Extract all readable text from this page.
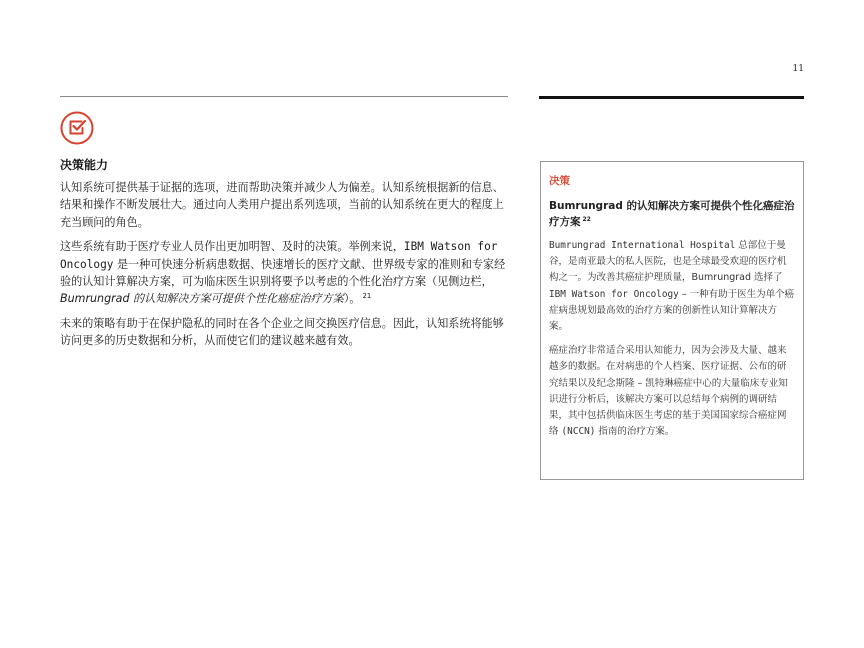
11
决策能力

认知系统可提供基于证据的选项，进而帮助决策并减少人为偏差。认知系统根据新的信息、结果和操作不断发展壮大。通过向人类用户提出系列选项，当前的认知系统在更大的程度上充当顾问的角色。

这些系统有助于医疗专业人员作出更加明智、及时的决策。举例来说，IBM Watson for Oncology 是一种可快速分析病患数据、快速增长的医疗文献、世界级专家的准则和专家经验的认知计算解决方案，可为临床医生识别将要予以考虑的个性化治疗方案（见侧边栏，Bumrungrad 的认知解决方案可提供个性化癌症治疗方案）。 $^{21}$

未来的策略有助于在保护隐私的同时在各个企业之间交换医疗信息。因此，认知系统将能够访问更多的历史数据和分析，从而使它们的建议越来越有效。

决策
Bumrungrad 的认知解决方案可提供个性化癌症治疗方案 $^{22}$

Bumrungrad International Hospital 总部位于曼谷，是南亚最大的私人医院，也是全球最受欢迎的医疗机构之一。为改善其癌症护理质量，Bumrungrad 选择了 IBM Watson for Oncology – 一种有助于医生为单个癌症病患规划最高效的治疗方案的创新性认知计算解决方案。

癌症治疗非常适合采用认知能力，因为会涉及大量、越来越多的数据。在对病患的个人档案、医疗证据、公布的研究结果以及纪念斯隆 – 凯特琳癌症中心的大量临床专业知识进行分析后，该解决方案可以总结每个病例的调研结果，其中包括供临床医生考虑的基于美国国家综合癌症网络 (NCCN) 指南的治疗方案。
